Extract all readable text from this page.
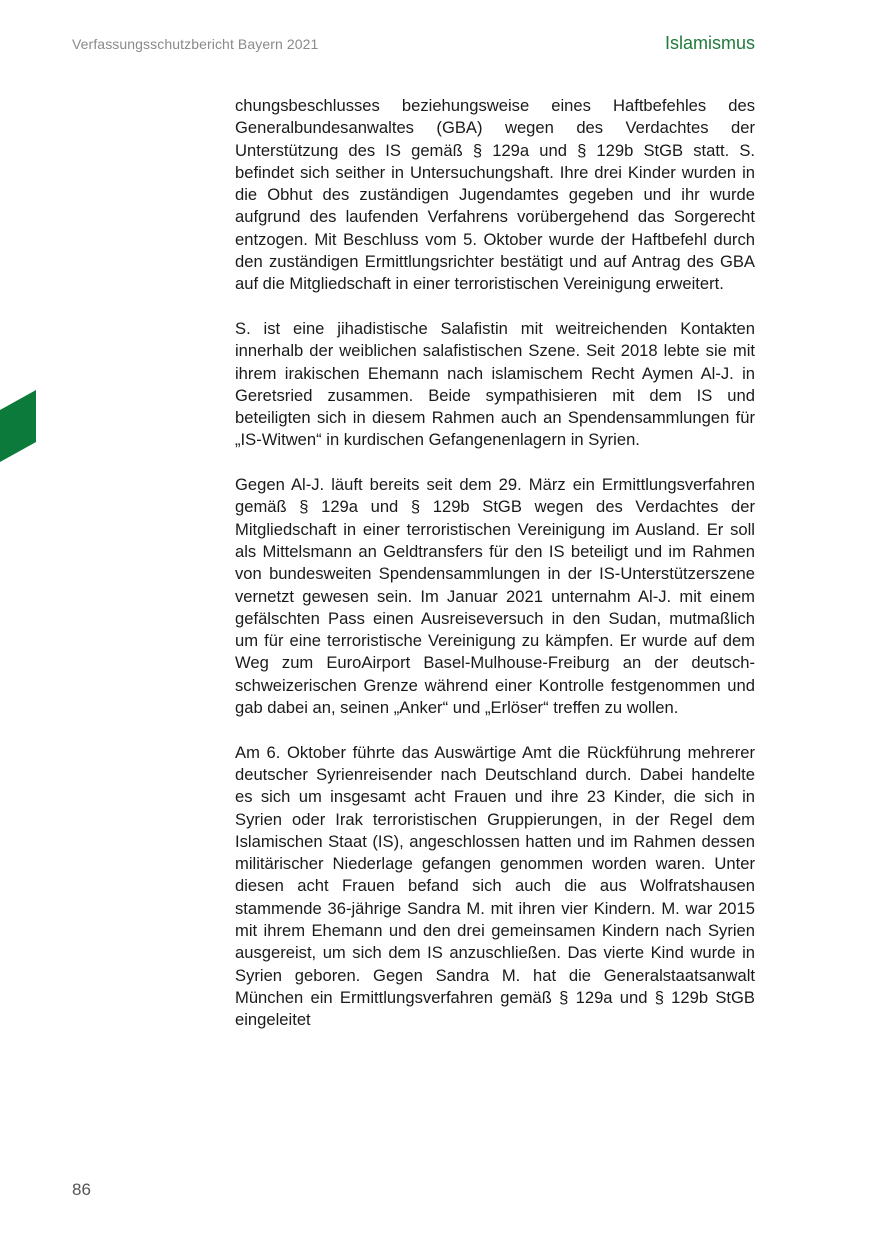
Verfassungsschutzbericht Bayern 2021	Islamismus

chungsbeschlusses beziehungsweise eines Haftbefehles des Generalbundesanwaltes (GBA) wegen des Verdachtes der Unterstützung des IS gemäß § 129a und § 129b StGB statt. S. befindet sich seither in Untersuchungshaft. Ihre drei Kinder wurden in die Obhut des zuständigen Jugendamtes gegeben und ihr wurde aufgrund des laufenden Verfahrens vorübergehend das Sorgerecht entzogen. Mit Beschluss vom 5. Oktober wurde der Haftbefehl durch den zuständigen Ermittlungsrichter bestätigt und auf Antrag des GBA auf die Mitgliedschaft in einer terroristischen Vereinigung erweitert.

S. ist eine jihadistische Salafistin mit weitreichenden Kontakten innerhalb der weiblichen salafistischen Szene. Seit 2018 lebte sie mit ihrem irakischen Ehemann nach islamischem Recht Aymen Al-J. in Geretsried zusammen. Beide sympathisieren mit dem IS und beteiligten sich in diesem Rahmen auch an Spendensammlungen für „IS-Witwen“ in kurdischen Gefangenenlagern in Syrien.

Gegen Al-J. läuft bereits seit dem 29. März ein Ermittlungsverfahren gemäß § 129a und § 129b StGB wegen des Verdachtes der Mitgliedschaft in einer terroristischen Vereinigung im Ausland. Er soll als Mittelsmann an Geldtransfers für den IS beteiligt und im Rahmen von bundesweiten Spendensammlungen in der IS-Unterstützerszene vernetzt gewesen sein. Im Januar 2021 unternahm Al-J. mit einem gefälschten Pass einen Ausreiseversuch in den Sudan, mutmaßlich um für eine terroristische Vereinigung zu kämpfen. Er wurde auf dem Weg zum EuroAirport Basel-Mulhouse-Freiburg an der deutsch-schweizerischen Grenze während einer Kontrolle festgenommen und gab dabei an, seinen „Anker“ und „Erlöser“ treffen zu wollen.

Am 6. Oktober führte das Auswärtige Amt die Rückführung mehrerer deutscher Syrienreisender nach Deutschland durch. Dabei handelte es sich um insgesamt acht Frauen und ihre 23 Kinder, die sich in Syrien oder Irak terroristischen Gruppierungen, in der Regel dem Islamischen Staat (IS), angeschlossen hatten und im Rahmen dessen militärischer Niederlage gefangen genommen worden waren. Unter diesen acht Frauen befand sich auch die aus Wolfratshausen stammende 36-jährige Sandra M. mit ihren vier Kindern. M. war 2015 mit ihrem Ehemann und den drei gemeinsamen Kindern nach Syrien ausgereist, um sich dem IS anzuschließen. Das vierte Kind wurde in Syrien geboren. Gegen Sandra M. hat die Generalstaatsanwalt München ein Ermittlungsverfahren gemäß § 129a und § 129b StGB eingeleitet

86
